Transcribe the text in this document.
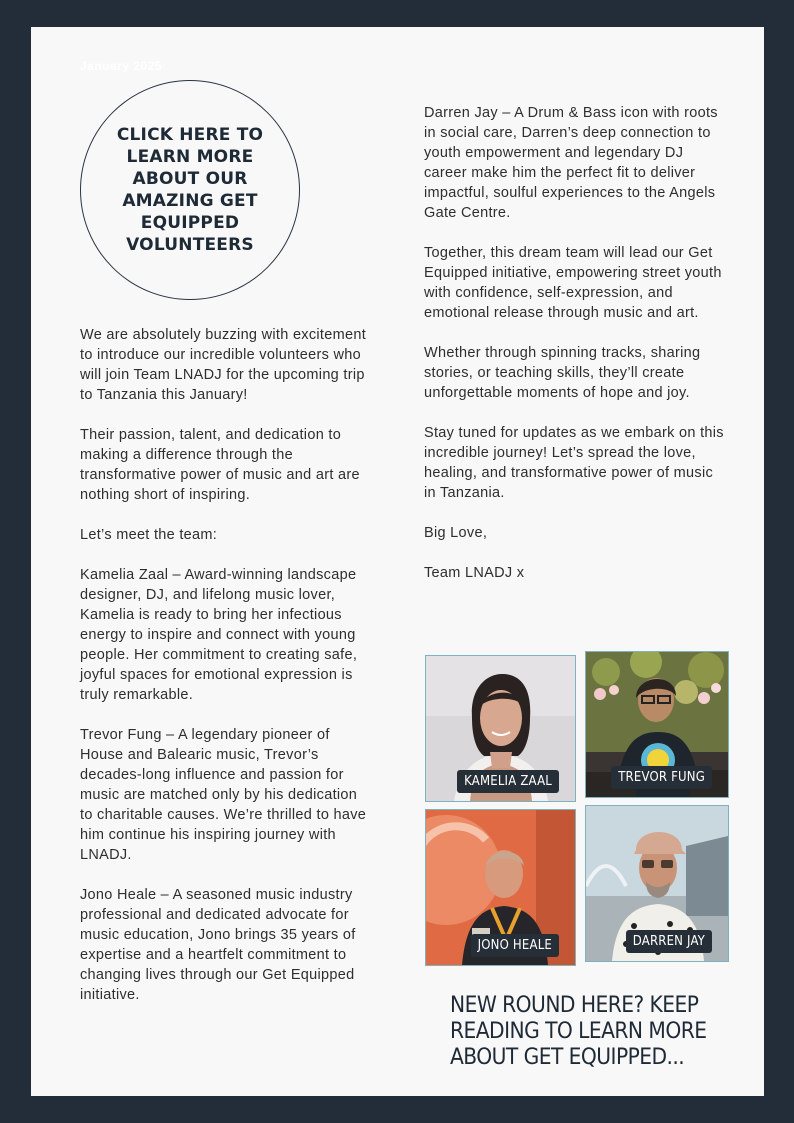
January 2025
CLICK HERE TO LEARN MORE ABOUT OUR AMAZING GET EQUIPPED VOLUNTEERS

We are absolutely buzzing with excitement to introduce our incredible volunteers who will join Team LNADJ for the upcoming trip to Tanzania this January!

Their passion, talent, and dedication to making a difference through the transformative power of music and art are nothing short of inspiring.

Let’s meet the team:

Kamelia Zaal – Award-winning landscape designer, DJ, and lifelong music lover, Kamelia is ready to bring her infectious energy to inspire and connect with young people. Her commitment to creating safe, joyful spaces for emotional expression is truly remarkable.

Trevor Fung – A legendary pioneer of House and Balearic music, Trevor’s decades-long influence and passion for music are matched only by his dedication to charitable causes. We’re thrilled to have him continue his inspiring journey with LNADJ.

Jono Heale – A seasoned music industry professional and dedicated advocate for music education, Jono brings 35 years of expertise and a heartfelt commitment to changing lives through our Get Equipped initiative.

Darren Jay – A Drum & Bass icon with roots in social care, Darren’s deep connection to youth empowerment and legendary DJ career make him the perfect fit to deliver impactful, soulful experiences to the Angels Gate Centre.

Together, this dream team will lead our Get Equipped initiative, empowering street youth with confidence, self-expression, and emotional release through music and art.

Whether through spinning tracks, sharing stories, or teaching skills, they’ll create unforgettable moments of hope and joy.

Stay tuned for updates as we embark on this incredible journey! Let’s spread the love, healing, and transformative power of music in Tanzania.

Big Love,

Team LNADJ x

KAMELIA ZAAL	TREVOR FUNG
JONO HEALE	DARREN JAY
NEW ROUND HERE? KEEP READING TO LEARN MORE ABOUT GET EQUIPPED...
